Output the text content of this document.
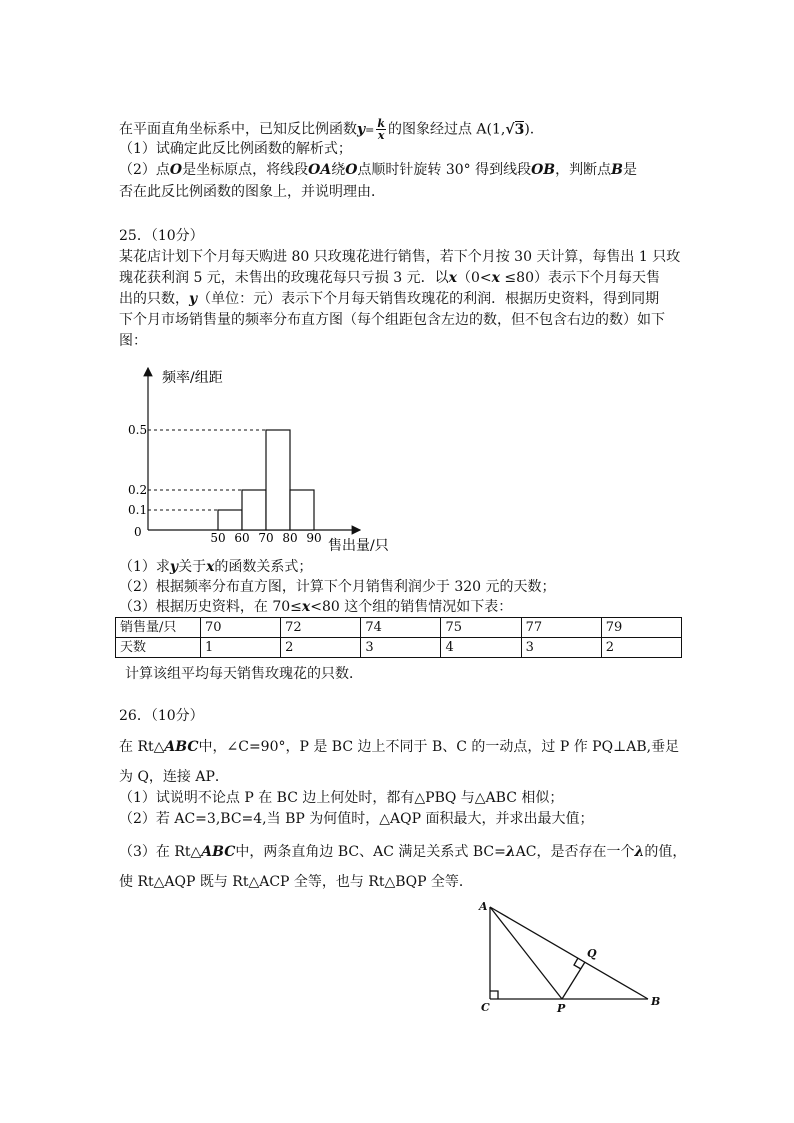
在平面直角坐标系中，已知反比例函数$y= \frac{k}{x}$ 的图象经过点 A(1,√3).
（1）试确定此反比例函数的解析式；
（2）点O是坐标原点，将线段OA绕O点顺时针旋转 30° 得到线段OB，判断点B是
否在此反比例函数的图象上，并说明理由．
25．（10分）
某花店计划下个月每天购进 80 只玫瑰花进行销售，若下个月按 30 天计算，每售出 1 只玫
瑰花获利润 5 元，未售出的玫瑰花每只亏损 3 元．以x（0<x ≤80）表示下个月每天售
出的只数，y（单位：元）表示下个月每天销售玫瑰花的利润．根据历史资料，得到同期
下个月市场销售量的频率分布直方图（每个组距包含左边的数，但不包含右边的数）如下
图：
0.5
0.2
0.1
50 60 70 80 90
频率/组距
售出量/只
0
（1）求y关于x的函数关系式；
（2）根据频率分布直方图，计算下个月销售利润少于 320 元的天数；
（3）根据历史资料，在 70≤x<80 这个组的销售情况如下表：
销售量/只	70	72	74	75	77	79
天数	1	2	3	4	3	2
计算该组平均每天销售玫瑰花的只数．
26．（10分）
在 Rt△ABC中，∠C=90°，P 是 BC 边上不同于 B、C 的一动点，过 P 作 PQ⊥AB,垂足
为 Q，连接 AP．
（1）试说明不论点 P 在 BC 边上何处时，都有△PBQ 与△ABC 相似；
（2）若 AC=3,BC=4,当 BP 为何值时，△AQP 面积最大，并求出最大值；
（3）在 Rt△ABC中，两条直角边 BC、AC 满足关系式 BC=λAC，是否存在一个λ的值，
使 Rt△AQP 既与 Rt△ACP 全等，也与 Rt△BQP 全等．
A
C	P
Q
B
